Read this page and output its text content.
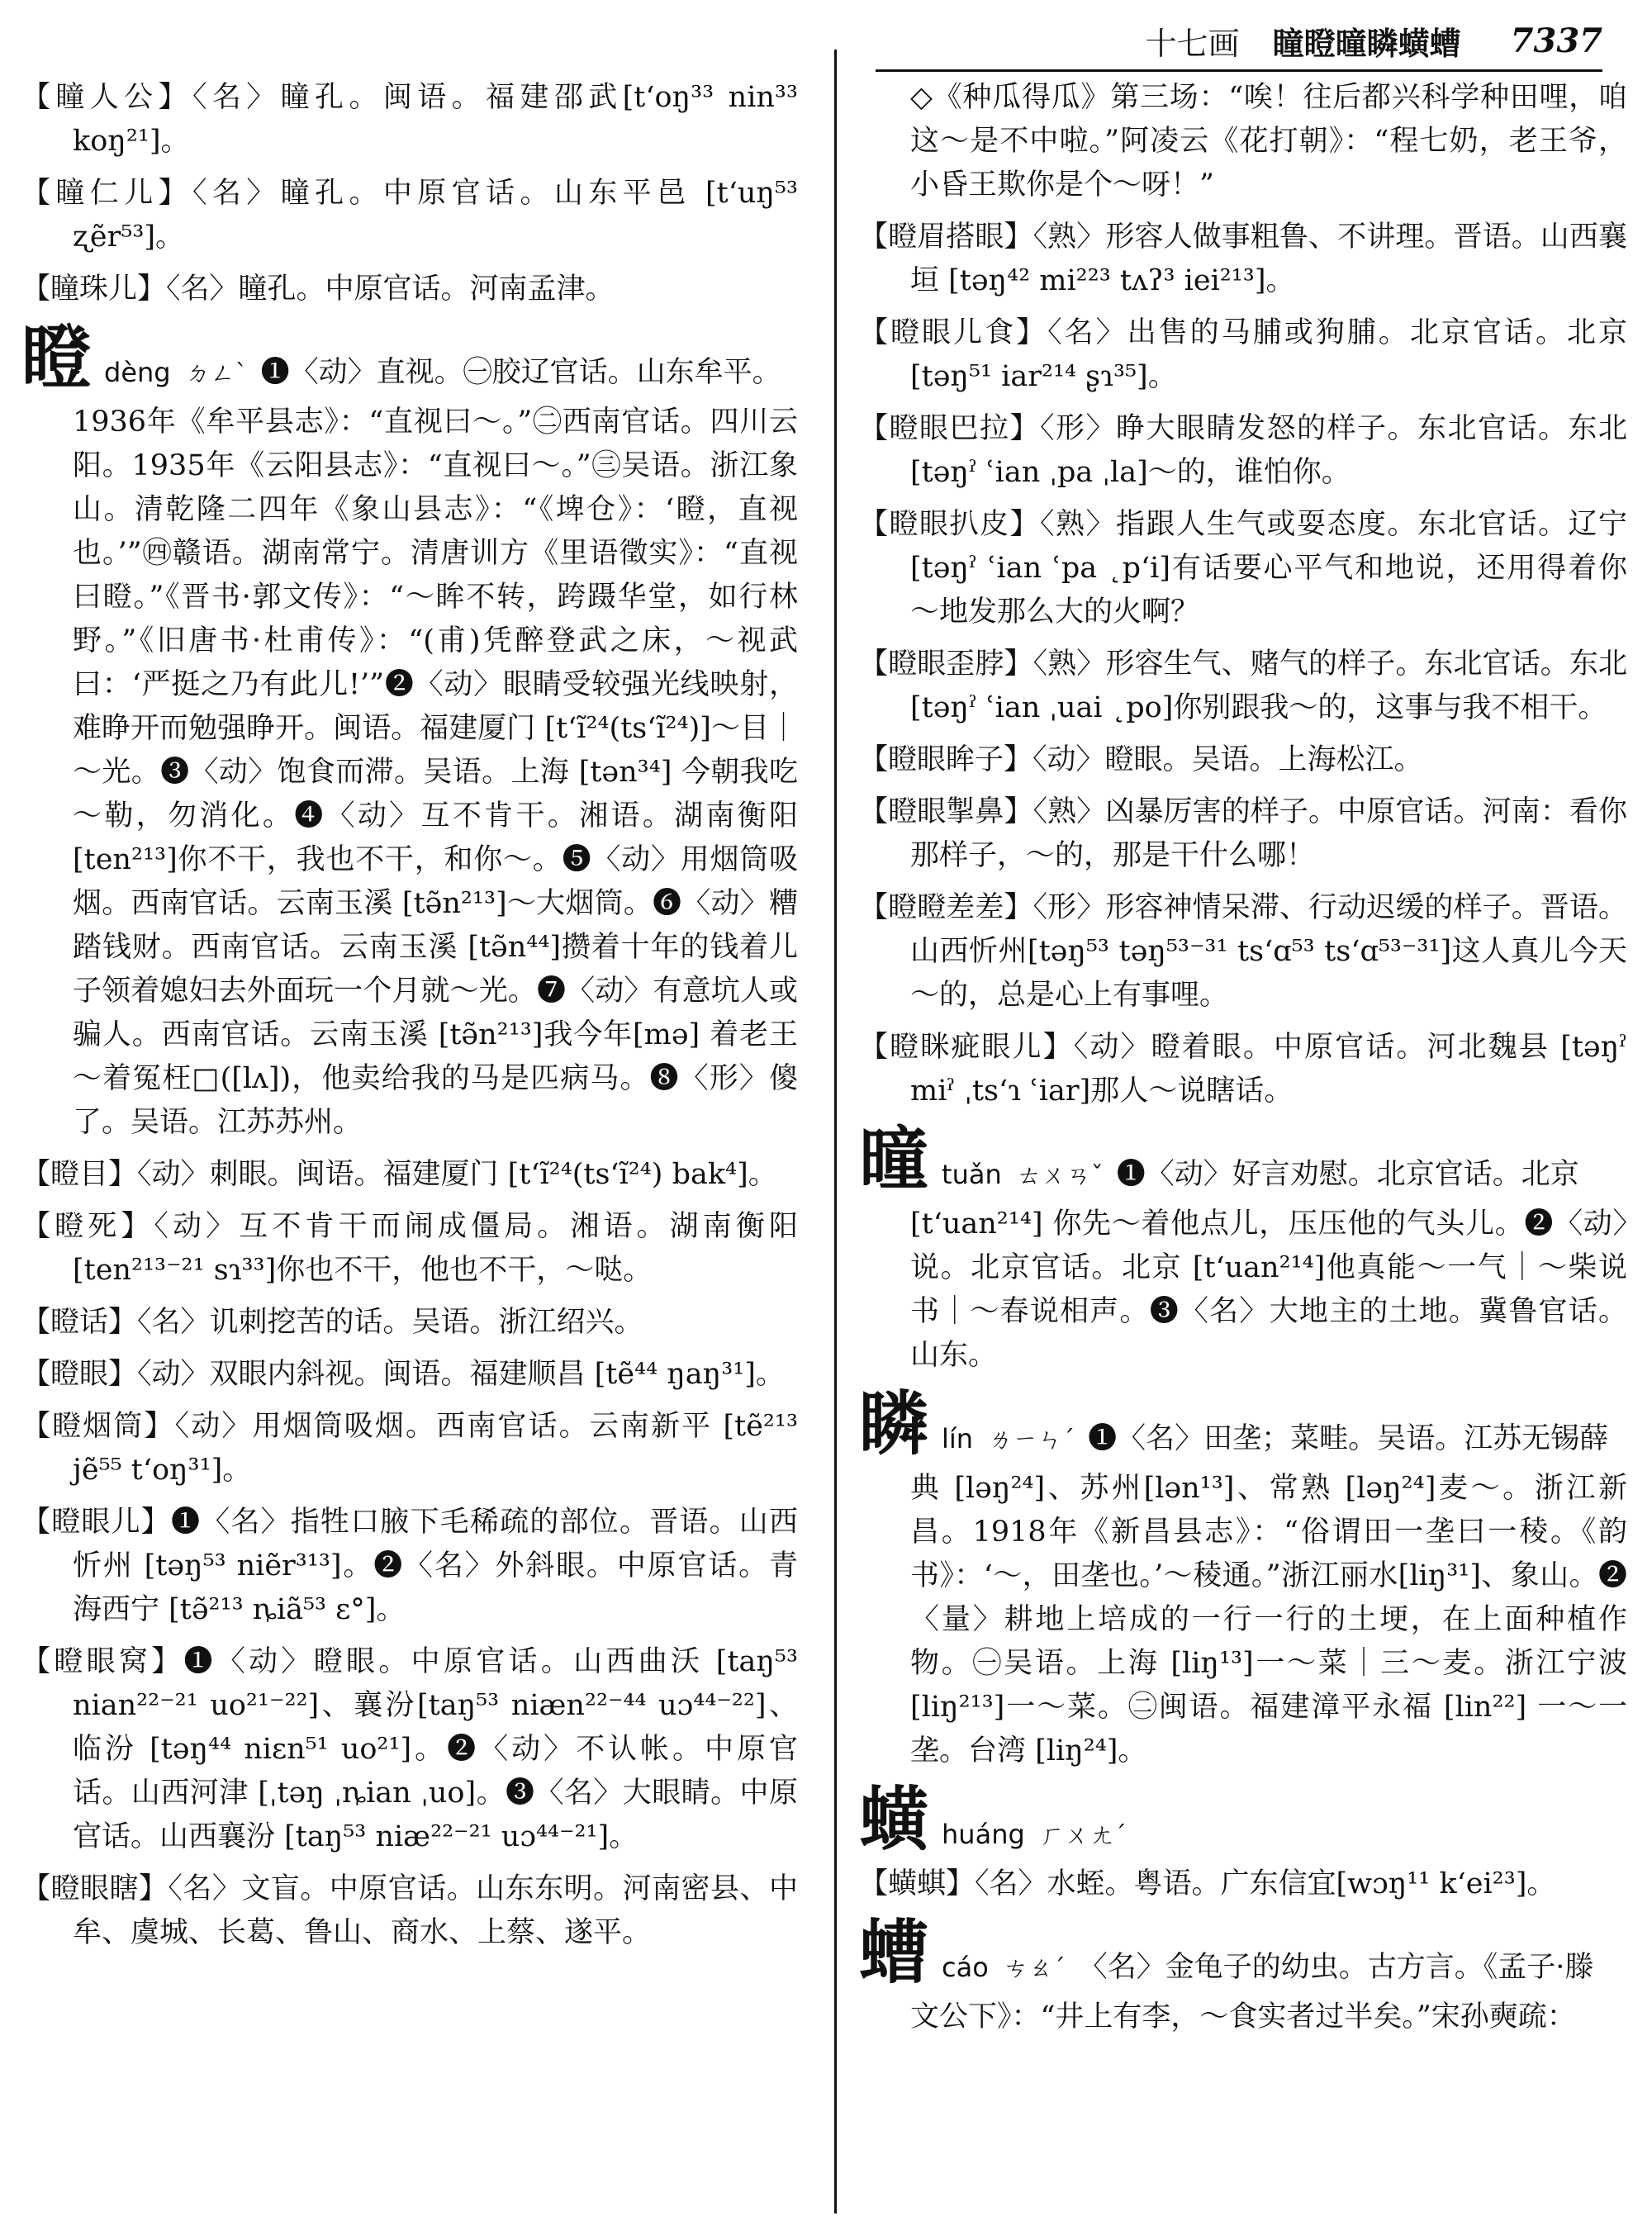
十七画 瞳瞪曈瞵蟥螬 7337
【瞳人公】〈名〉瞳孔。闽语。福建邵武[tʻoŋ³³ nin³³ koŋ²¹]。
【瞳仁儿】〈名〉瞳孔。中原官话。山东平邑 [tʻuŋ⁵³ ʐẽr⁵³]。
【瞳珠儿】〈名〉瞳孔。中原官话。河南孟津。
瞪 dèng ㄉㄥˋ ❶〈动〉直视。㊀胶辽官话。山东牟平。
1936年《牟平县志》：“直视曰～。”㊁西南官话。四川云阳。1935年《云阳县志》：“直视曰～。”㊂吴语。浙江象山。清乾隆二四年《象山县志》：“《埤仓》：‘瞪，直视也。’”㊃赣语。湖南常宁。清唐训方《里语徵实》：“直视曰瞪。”《晋书·郭文传》：“～眸不转，跨蹑华堂，如行林野。”《旧唐书·杜甫传》：“(甫)凭醉登武之床，～视武曰：‘严挺之乃有此儿!’”❷〈动〉眼睛受较强光线映射，难睁开而勉强睁开。闽语。福建厦门 [tʻĩ²⁴(tsʻĩ²⁴)]～目｜～光。❸〈动〉饱食而滞。吴语。上海 [tən³⁴] 今朝我吃～勒，勿消化。❹〈动〉互不肯干。湘语。湖南衡阳[ten²¹³]你不干，我也不干，和你～。❺〈动〉用烟筒吸烟。西南官话。云南玉溪 [tə̃n²¹³]～大烟筒。❻〈动〉糟踏钱财。西南官话。云南玉溪 [tə̃n⁴⁴]攒着十年的钱着儿子领着媳妇去外面玩一个月就～光。❼〈动〉有意坑人或骗人。西南官话。云南玉溪 [tə̃n²¹³]我今年[mə] 着老王～着冤枉□([lʌ])，他卖给我的马是匹病马。❽〈形〉傻了。吴语。江苏苏州。
【瞪目】〈动〉刺眼。闽语。福建厦门 [tʻĩ²⁴(tsʻĩ²⁴) bak⁴]。
【瞪死】〈动〉互不肯干而闹成僵局。湘语。湖南衡阳 [ten²¹³⁻²¹ sɿ³³]你也不干，他也不干，～哒。
【瞪话】〈名〉讥刺挖苦的话。吴语。浙江绍兴。
【瞪眼】〈动〉双眼内斜视。闽语。福建顺昌 [tẽ⁴⁴ ŋaŋ³¹]。
【瞪烟筒】〈动〉用烟筒吸烟。西南官话。云南新平 [tẽ²¹³ jẽ⁵⁵ tʻoŋ³¹]。
【瞪眼儿】❶〈名〉指牲口腋下毛稀疏的部位。晋语。山西忻州 [təŋ⁵³ niẽr³¹³]。❷〈名〉外斜眼。中原官话。青海西宁 [tə̃²¹³ ȵiã⁵³ ɛ°]。
【瞪眼窝】❶〈动〉瞪眼。中原官话。山西曲沃 [taŋ⁵³ nian²²⁻²¹ uo²¹⁻²²]、襄汾[taŋ⁵³ niæn²²⁻⁴⁴ uɔ⁴⁴⁻²²]、临汾 [təŋ⁴⁴ niɛn⁵¹ uo²¹]。❷〈动〉不认帐。中原官话。山西河津 [ˌtəŋ ˌȵian ˌuo]。❸〈名〉大眼睛。中原官话。山西襄汾 [taŋ⁵³ niæ²²⁻²¹ uɔ⁴⁴⁻²¹]。
【瞪眼瞎】〈名〉文盲。中原官话。山东东明。河南密县、中牟、虞城、长葛、鲁山、商水、上蔡、遂平。
◇《种瓜得瓜》第三场：“唉！往后都兴科学种田哩，咱这～是不中啦。”阿凌云《花打朝》：“程七奶，老王爷，小昏王欺你是个～呀！”
【瞪眉搭眼】〈熟〉形容人做事粗鲁、不讲理。晋语。山西襄垣 [təŋ⁴² mi²²³ tʌʔ³ iei²¹³]。
【瞪眼儿食】〈名〉出售的马脯或狗脯。北京官话。北京[təŋ⁵¹ iar²¹⁴ ʂɿ³⁵]。
【瞪眼巴拉】〈形〉睁大眼睛发怒的样子。东北官话。东北 [təŋˀ ʿian ˌpa ˌla]～的，谁怕你。
【瞪眼扒皮】〈熟〉指跟人生气或耍态度。东北官话。辽宁[təŋˀ ʿian ʿpa ˛pʻi]有话要心平气和地说，还用得着你～地发那么大的火啊？
【瞪眼歪脖】〈熟〉形容生气、赌气的样子。东北官话。东北[təŋˀ ʿian ˌuai ˛po]你别跟我～的，这事与我不相干。
【瞪眼眸子】〈动〉瞪眼。吴语。上海松江。
【瞪眼掣鼻】〈熟〉凶暴厉害的样子。中原官话。河南：看你那样子，～的，那是干什么哪！
【瞪瞪差差】〈形〉形容神情呆滞、行动迟缓的样子。晋语。山西忻州[təŋ⁵³ təŋ⁵³⁻³¹ tsʻɑ⁵³ tsʻɑ⁵³⁻³¹]这人真儿今天～的，总是心上有事哩。
【瞪眯疵眼儿】〈动〉瞪着眼。中原官话。河北魏县 [təŋˀ miˀ ˌtsʻɿ ʿiar]那人～说瞎话。
曈 tuǎn ㄊㄨㄢˇ ❶〈动〉好言劝慰。北京官话。北京
[tʻuan²¹⁴] 你先～着他点儿，压压他的气头儿。❷〈动〉说。北京官话。北京 [tʻuan²¹⁴]他真能～一气｜～柴说书｜～春说相声。❸〈名〉大地主的土地。冀鲁官话。山东。
瞵 lín ㄌㄧㄣˊ ❶〈名〉田垄；菜畦。吴语。江苏无锡薛
典 [ləŋ²⁴]、苏州[lən¹³]、常熟 [ləŋ²⁴]麦～。浙江新昌。1918年《新昌县志》：“俗谓田一垄曰一稜。《韵书》：‘～，田垄也。’～稜通。”浙江丽水[liŋ³¹]、象山。❷〈量〉耕地上培成的一行一行的土埂，在上面种植作物。㊀吴语。上海 [liŋ¹³]一～菜｜三～麦。浙江宁波[liŋ²¹³]一～菜。㊁闽语。福建漳平永福 [lin²²] 一～一垄。台湾 [liŋ²⁴]。
蟥 huáng ㄏㄨㄤˊ
【蟥蜞】〈名〉水蛭。粤语。广东信宜[wɔŋ¹¹ kʻei²³]。
螬 cáo ㄘㄠˊ 〈名〉金龟子的幼虫。古方言。《孟子·滕
文公下》：“井上有李，～食实者过半矣。”宋孙奭疏：
